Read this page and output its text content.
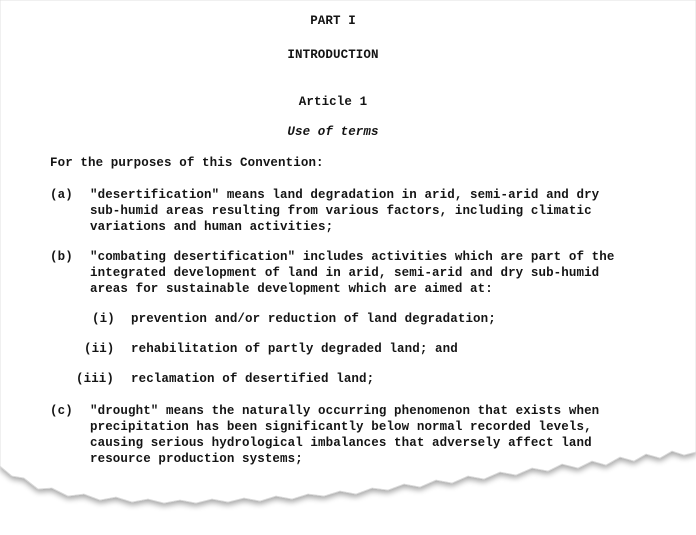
PART I
INTRODUCTION
Article 1
Use of terms
For the purposes of this Convention:
(a) "desertification" means land degradation in arid, semi-arid and dry
sub-humid areas resulting from various factors, including climatic
variations and human activities;
(b) "combating desertification" includes activities which are part of the
integrated development of land in arid, semi-arid and dry sub-humid
areas for sustainable development which are aimed at:
(i) prevention and/or reduction of land degradation;
(ii) rehabilitation of partly degraded land; and
(iii) reclamation of desertified land;
(c) "drought" means the naturally occurring phenomenon that exists when
precipitation has been significantly below normal recorded levels,
causing serious hydrological imbalances that adversely affect land
resource production systems;
